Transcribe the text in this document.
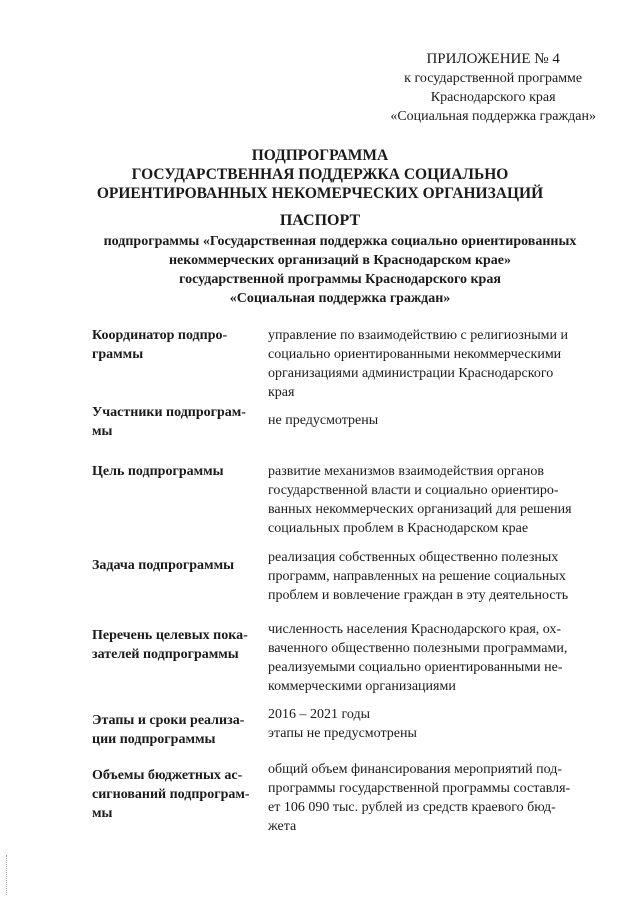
ПРИЛОЖЕНИЕ № 4
к государственной программе
Краснодарского края
«Социальная поддержка граждан»
ПОДПРОГРАММА
ГОСУДАРСТВЕННАЯ ПОДДЕРЖКА СОЦИАЛЬНО
ОРИЕНТИРОВАННЫХ НЕКОМЕРЧЕСКИХ ОРГАНИЗАЦИЙ
ПАСПОРТ
подпрограммы «Государственная поддержка социально ориентированных
некоммерческих организаций в Краснодарском крае»
государственной программы Краснодарского края
«Социальная поддержка граждан»
Координатор подпро-
граммы
управление по взаимодействию с религиозными и
социально ориентированными некоммерческими
организациями администрации Краснодарского
края
Участники подпрограм-
мы
не предусмотрены
Цель подпрограммы	развитие механизмов взаимодействия органов
государственной власти и социально ориентиро-
ванных некоммерческих организаций для решения
социальных проблем в Краснодарском крае
Задача подпрограммы
реализация собственных общественно полезных
программ, направленных на решение социальных
проблем и вовлечение граждан в эту деятельность
Перечень целевых пока-
зателей подпрограммы
численность населения Краснодарского края, ох-
ваченного общественно полезными программами,
реализуемыми социально ориентированными не-
коммерческими организациями
Этапы и сроки реализа-
ции подпрограммы
2016 – 2021 годы
этапы не предусмотрены
Объемы бюджетных ас-
сигнований подпрограм-
мы
общий объем финансирования мероприятий под-
программы государственной программы составля-
ет 106 090 тыс. рублей из средств краевого бюд-
жета
